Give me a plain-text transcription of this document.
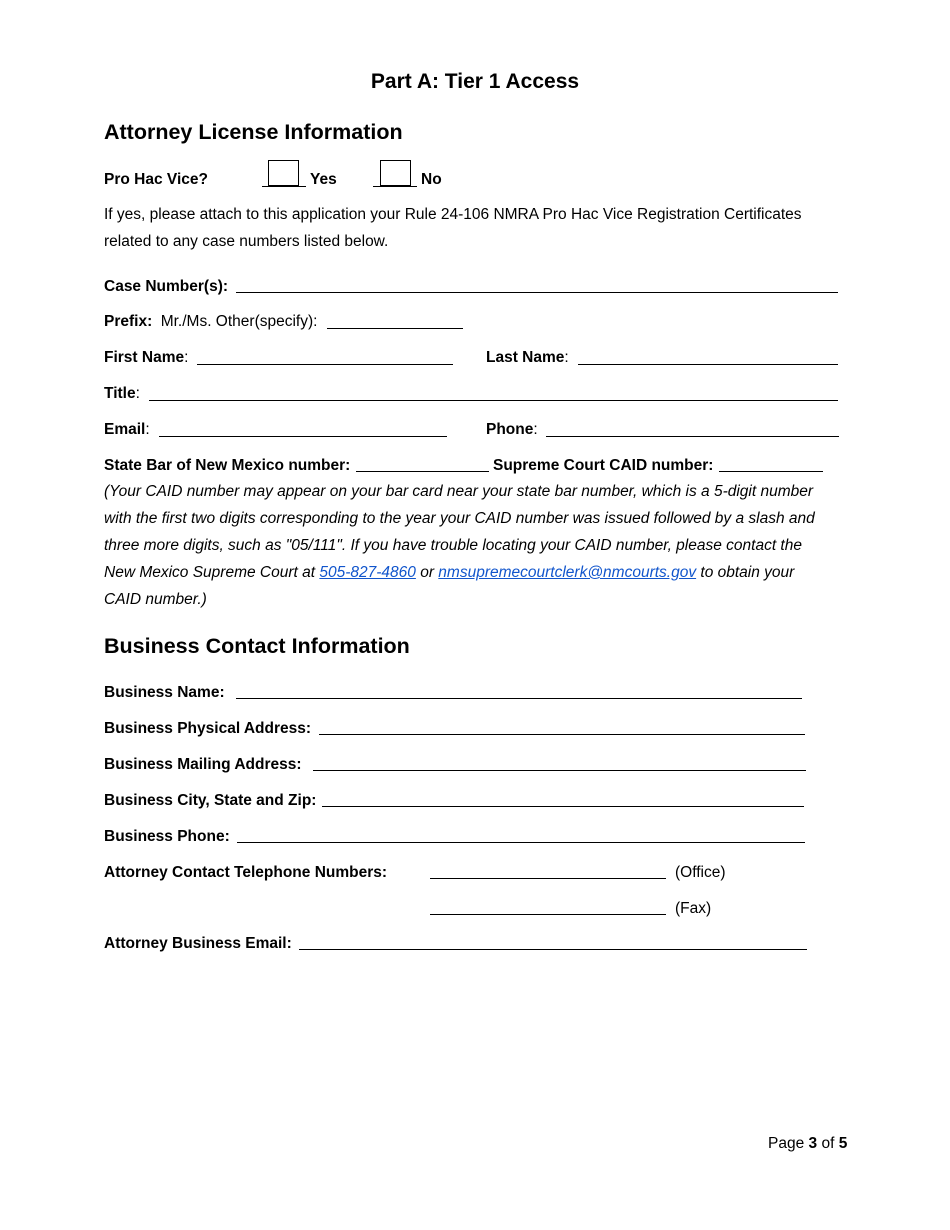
Part A: Tier 1 Access
Attorney License Information
Pro Hac Vice?	Yes	No
If yes, please attach to this application your Rule 24-106 NMRA Pro Hac Vice Registration Certificates
related to any case numbers listed below.
Case Number(s):
Prefix: Mr./Ms. Other(specify):
First Name:	Last Name:
Title:
Email:	Phone:
State Bar of New Mexico number:	Supreme Court CAID number:
(Your CAID number may appear on your bar card near your state bar number, which is a 5-digit number
with the first two digits corresponding to the year your CAID number was issued followed by a slash and
three more digits, such as "05/111". If you have trouble locating your CAID number, please contact the
New Mexico Supreme Court at 505-827-4860 or nmsupremecourtclerk@nmcourts.gov to obtain your
CAID number.)
Business Contact Information
Business Name:
Business Physical Address:
Business Mailing Address:
Business City, State and Zip:
Business Phone:
Attorney Contact Telephone Numbers:	(Office)
(Fax)
Attorney Business Email:
Page 3 of 5
